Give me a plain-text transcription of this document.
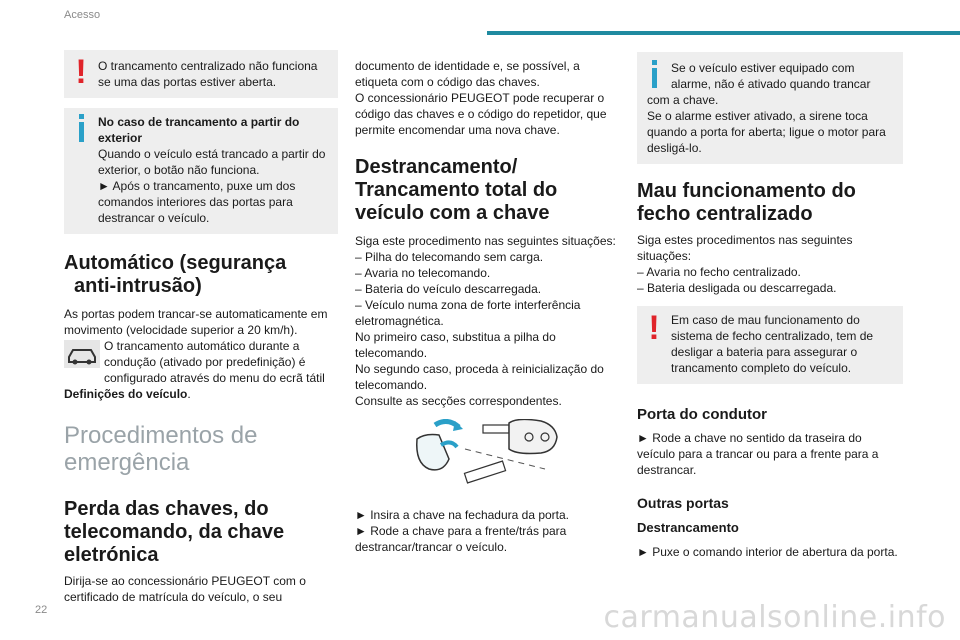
Acesso
! O trancamento centralizado não funciona se uma das portas estiver aberta.

No caso de trancamento a partir do exterior

Quando o veículo está trancado a partir do exterior, o botão não funciona.

► Após o trancamento, puxe um dos comandos interiores das portas para destrancar o veículo.

Automático (segurança
anti-intrusão)

As portas podem trancar-se automaticamente em movimento (velocidade superior a 20 km/h).

O trancamento automático durante a condução (ativado por predefinição) é configurado através do menu do ecrã tátil

Definições do veículo.

Procedimentos de
emergência
Perda das chaves, do
telecomando, da chave
eletrónica

Dirija-se ao concessionário PEUGEOT com o certificado de matrícula do veículo, o seu

documento de identidade e, se possível, a etiqueta com o código das chaves.

O concessionário PEUGEOT pode recuperar o código das chaves e o código do repetidor, que permite encomendar uma nova chave.

Destrancamento/
Trancamento total do
veículo com a chave

Siga este procedimento nas seguintes situações:

– Pilha do telecomando sem carga.

– Avaria no telecomando.

– Bateria do veículo descarregada.

– Veículo numa zona de forte interferência eletromagnética.

No primeiro caso, substitua a pilha do telecomando.

No segundo caso, proceda à reinicialização do telecomando.

Consulte as secções correspondentes.

► Insira a chave na fechadura da porta.

► Rode a chave para a frente/trás para destrancar/trancar o veículo.

Se o veículo estiver equipado com alarme, não é ativado quando trancar com a chave.

Se o alarme estiver ativado, a sirene toca quando a porta for aberta; ligue o motor para desligá-lo.

Mau funcionamento do
fecho centralizado

Siga estes procedimentos nas seguintes situações:

– Avaria no fecho centralizado.

– Bateria desligada ou descarregada.

! Em caso de mau funcionamento do sistema de fecho centralizado, tem de desligar a bateria para assegurar o trancamento completo do veículo.

Porta do condutor

► Rode a chave no sentido da traseira do veículo para a trancar ou para a frente para a destrancar.

Outras portas
Destrancamento

► Puxe o comando interior de abertura da porta.

22	carmanualsonline.info
